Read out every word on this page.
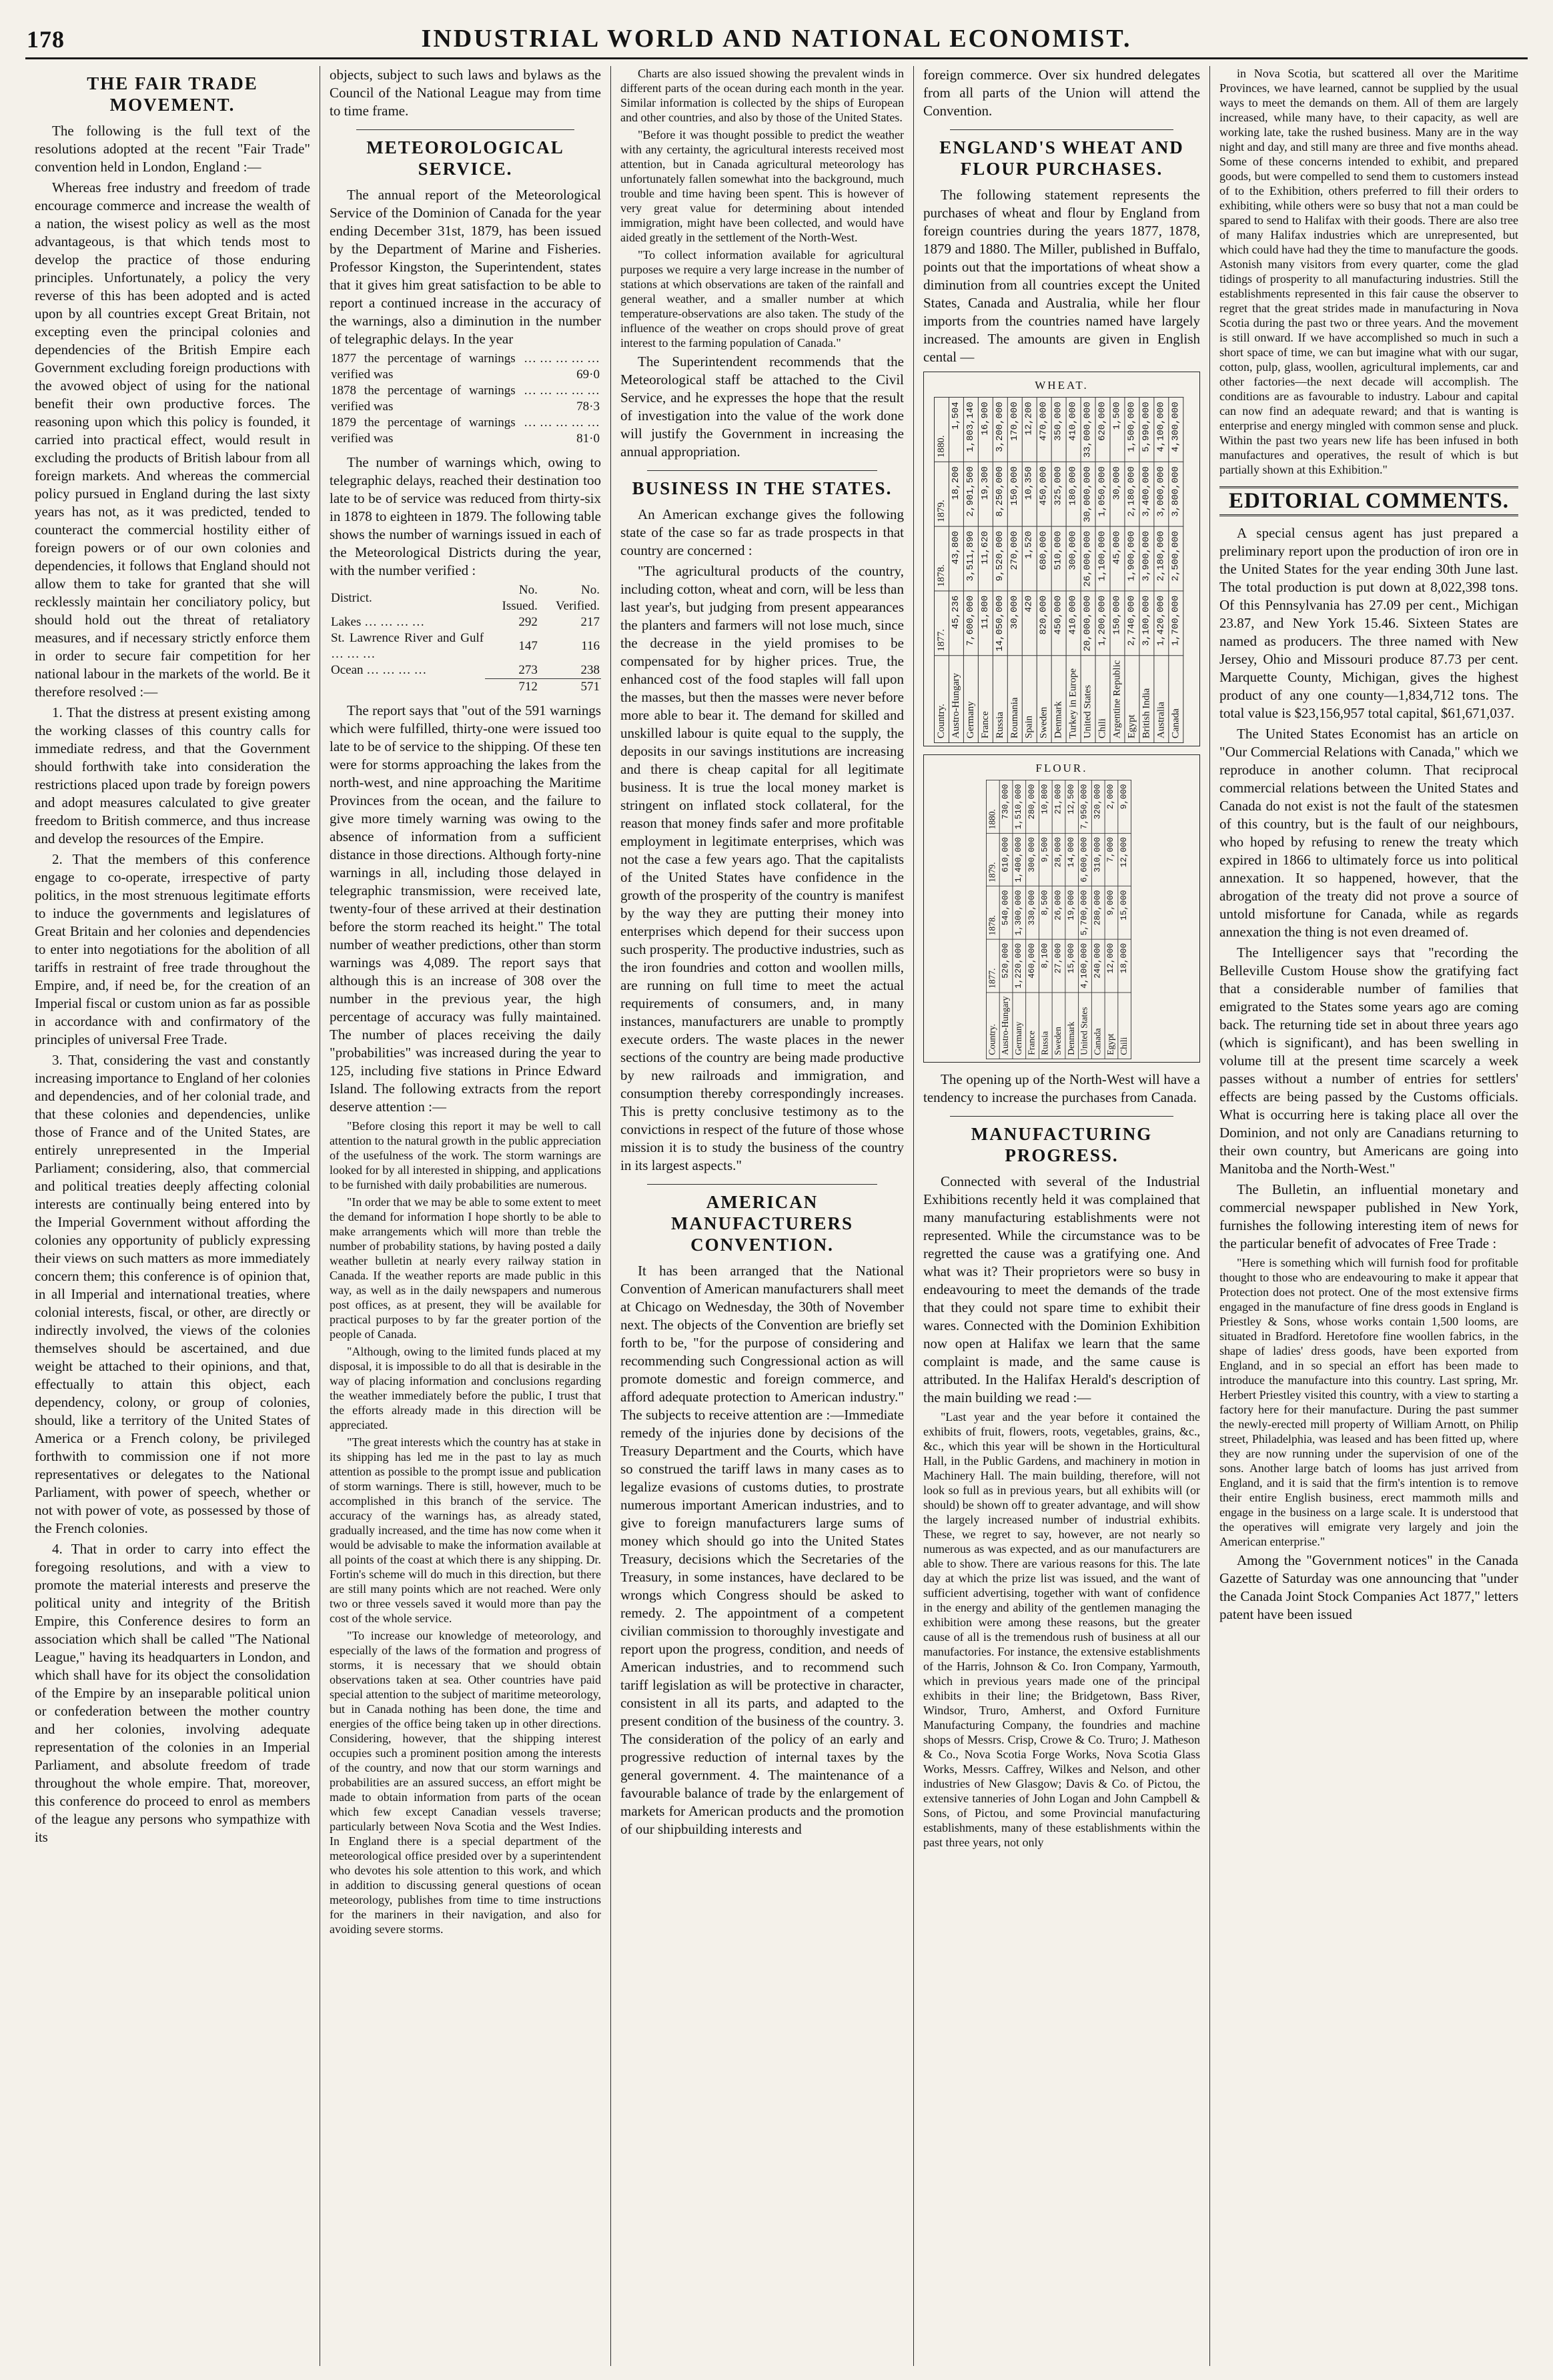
178	INDUSTRIAL WORLD AND NATIONAL ECONOMIST.
THE FAIR TRADE MOVEMENT.

The following is the full text of the resolutions adopted at the recent "Fair Trade" convention held in London, England :—

Whereas free industry and freedom of trade encourage commerce and increase the wealth of a nation, the wisest policy as well as the most advantageous, is that which tends most to develop the practice of those enduring principles. Unfortunately, a policy the very reverse of this has been adopted and is acted upon by all countries except Great Britain, not excepting even the principal colonies and dependencies of the British Empire each Government excluding foreign productions with the avowed object of using for the national benefit their own productive forces. The reasoning upon which this policy is founded, it carried into practical effect, would result in excluding the products of British labour from all foreign markets. And whereas the commercial policy pursued in England during the last sixty years has not, as it was predicted, tended to counteract the commercial hostility either of foreign powers or of our own colonies and dependencies, it follows that England should not allow them to take for granted that she will recklessly maintain her conciliatory policy, but should hold out the threat of retaliatory measures, and if necessary strictly enforce them in order to secure fair competition for her national labour in the markets of the world. Be it therefore resolved :—

1. That the distress at present existing among the working classes of this country calls for immediate redress, and that the Government should forthwith take into consideration the restrictions placed upon trade by foreign powers and adopt measures calculated to give greater freedom to British commerce, and thus increase and develop the resources of the Empire.

2. That the members of this conference engage to co-operate, irrespective of party politics, in the most strenuous legitimate efforts to induce the governments and legislatures of Great Britain and her colonies and dependencies to enter into negotiations for the abolition of all tariffs in restraint of free trade throughout the Empire, and, if need be, for the creation of an Imperial fiscal or custom union as far as possible in accordance with and confirmatory of the principles of universal Free Trade.

3. That, considering the vast and constantly increasing importance to England of her colonies and dependencies, and of her colonial trade, and that these colonies and dependencies, unlike those of France and of the United States, are entirely unrepresented in the Imperial Parliament; considering, also, that commercial and political treaties deeply affecting colonial interests are continually being entered into by the Imperial Government without affording the colonies any opportunity of publicly expressing their views on such matters as more immediately concern them; this conference is of opinion that, in all Imperial and international treaties, where colonial interests, fiscal, or other, are directly or indirectly involved, the views of the colonies themselves should be ascertained, and due weight be attached to their opinions, and that, effectually to attain this object, each dependency, colony, or group of colonies, should, like a territory of the United States of America or a French colony, be privileged forthwith to commission one if not more representatives or delegates to the National Parliament, with power of speech, whether or not with power of vote, as possessed by those of the French colonies.

4. That in order to carry into effect the foregoing resolutions, and with a view to promote the material interests and preserve the political unity and integrity of the British Empire, this Conference desires to form an association which shall be called "The National League," having its headquarters in London, and which shall have for its object the consolidation of the Empire by an inseparable political union or confederation between the mother country and her colonies, involving adequate representation of the colonies in an Imperial Parliament, and absolute freedom of trade throughout the whole empire. That, moreover, this conference do proceed to enrol as members of the league any persons who sympathize with its

objects, subject to such laws and bylaws as the Council of the National League may from time to time frame.

METEOROLOGICAL SERVICE.

The annual report of the Meteorological Service of the Dominion of Canada for the year ending December 31st, 1879, has been issued by the Department of Marine and Fisheries. Professor Kingston, the Superintendent, states that it gives him great satisfaction to be able to report a continued increase in the accuracy of the warnings, also a diminution in the number of telegraphic delays. In the year

1877 the percentage of warnings verified was	… … … … … 69·0
1878 the percentage of warnings verified was	… … … … … 78·3
1879 the percentage of warnings verified was	… … … … … 81·0

The number of warnings which, owing to telegraphic delays, reached their destination too late to be of service was reduced from thirty-six in 1878 to eighteen in 1879. The following table shows the number of warnings issued in each of the Meteorological Districts during the year, with the number verified :

District.	No. Issued.	No. Verified.
Lakes … … … …	292	217
St. Lawrence River and Gulf … … …	147	116
Ocean … … … …	273	238
	712	571

The report says that "out of the 591 warnings which were fulfilled, thirty-one were issued too late to be of service to the shipping. Of these ten were for storms approaching the lakes from the north-west, and nine approaching the Maritime Provinces from the ocean, and the failure to give more timely warning was owing to the absence of information from a sufficient distance in those directions. Although forty-nine warnings in all, including those delayed in telegraphic transmission, were received late, twenty-four of these arrived at their destination before the storm reached its height." The total number of weather predictions, other than storm warnings was 4,089. The report says that although this is an increase of 308 over the number in the previous year, the high percentage of accuracy was fully maintained. The number of places receiving the daily "probabilities" was increased during the year to 125, including five stations in Prince Edward Island. The following extracts from the report deserve attention :—

"Before closing this report it may be well to call attention to the natural growth in the public appreciation of the usefulness of the work. The storm warnings are looked for by all interested in shipping, and applications to be furnished with daily probabilities are numerous.

"In order that we may be able to some extent to meet the demand for information I hope shortly to be able to make arrangements which will more than treble the number of probability stations, by having posted a daily weather bulletin at nearly every railway station in Canada. If the weather reports are made public in this way, as well as in the daily newspapers and numerous post offices, as at present, they will be available for practical purposes to by far the greater portion of the people of Canada.

"Although, owing to the limited funds placed at my disposal, it is impossible to do all that is desirable in the way of placing information and conclusions regarding the weather immediately before the public, I trust that the efforts already made in this direction will be appreciated.

"The great interests which the country has at stake in its shipping has led me in the past to lay as much attention as possible to the prompt issue and publication of storm warnings. There is still, however, much to be accomplished in this branch of the service. The accuracy of the warnings has, as already stated, gradually increased, and the time has now come when it would be advisable to make the information available at all points of the coast at which there is any shipping. Dr. Fortin's scheme will do much in this direction, but there are still many points which are not reached. Were only two or three vessels saved it would more than pay the cost of the whole service.

"To increase our knowledge of meteorology, and especially of the laws of the formation and progress of storms, it is necessary that we should obtain observations taken at sea. Other countries have paid special attention to the subject of maritime meteorology, but in Canada nothing has been done, the time and energies of the office being taken up in other directions. Considering, however, that the shipping interest occupies such a prominent position among the interests of the country, and now that our storm warnings and probabilities are an assured success, an effort might be made to obtain information from parts of the ocean which few except Canadian vessels traverse; particularly between Nova Scotia and the West Indies. In England there is a special department of the meteorological office presided over by a superintendent who devotes his sole attention to this work, and which in addition to discussing general questions of ocean meteorology, publishes from time to time instructions for the mariners in their navigation, and also for avoiding severe storms.

Charts are also issued showing the prevalent winds in different parts of the ocean during each month in the year. Similar information is collected by the ships of European and other countries, and also by those of the United States.

"Before it was thought possible to predict the weather with any certainty, the agricultural interests received most attention, but in Canada agricultural meteorology has unfortunately fallen somewhat into the background, much trouble and time having been spent. This is however of very great value for determining about intended immigration, might have been collected, and would have aided greatly in the settlement of the North-West.

"To collect information available for agricultural purposes we require a very large increase in the number of stations at which observations are taken of the rainfall and general weather, and a smaller number at which temperature-observations are also taken. The study of the influence of the weather on crops should prove of great interest to the farming population of Canada."

The Superintendent recommends that the Meteorological staff be attached to the Civil Service, and he expresses the hope that the result of investigation into the value of the work done will justify the Government in increasing the annual appropriation.

BUSINESS IN THE STATES.

An American exchange gives the following state of the case so far as trade prospects in that country are concerned :

"The agricultural products of the country, including cotton, wheat and corn, will be less than last year's, but judging from present appearances the planters and farmers will not lose much, since the decrease in the yield promises to be compensated for by higher prices. True, the enhanced cost of the food staples will fall upon the masses, but then the masses were never before more able to bear it. The demand for skilled and unskilled labour is quite equal to the supply, the deposits in our savings institutions are increasing and there is cheap capital for all legitimate business. It is true the local money market is stringent on inflated stock collateral, for the reason that money finds safer and more profitable employment in legitimate enterprises, which was not the case a few years ago. That the capitalists of the United States have confidence in the growth of the prosperity of the country is manifest by the way they are putting their money into enterprises which depend for their success upon such prosperity. The productive industries, such as the iron foundries and cotton and woollen mills, are running on full time to meet the actual requirements of consumers, and, in many instances, manufacturers are unable to promptly execute orders. The waste places in the newer sections of the country are being made productive by new railroads and immigration, and consumption thereby correspondingly increases. This is pretty conclusive testimony as to the convictions in respect of the future of those whose mission it is to study the business of the country in its largest aspects."

AMERICAN MANUFACTURERS CONVENTION.

It has been arranged that the National Convention of American manufacturers shall meet at Chicago on Wednesday, the 30th of November next. The objects of the Convention are briefly set forth to be, "for the purpose of considering and recommending such Congressional action as will promote domestic and foreign commerce, and afford adequate protection to American industry." The subjects to receive attention are :—Immediate remedy of the injuries done by decisions of the Treasury Department and the Courts, which have so construed the tariff laws in many cases as to legalize evasions of customs duties, to prostrate numerous important American industries, and to give to foreign manufacturers large sums of money which should go into the United States Treasury, decisions which the Secretaries of the Treasury, in some instances, have declared to be wrongs which Congress should be asked to remedy. 2. The appointment of a competent civilian commission to thoroughly investigate and report upon the progress, condition, and needs of American industries, and to recommend such tariff legislation as will be protective in character, consistent in all its parts, and adapted to the present condition of the business of the country. 3. The consideration of the policy of an early and progressive reduction of internal taxes by the general government. 4. The maintenance of a favourable balance of trade by the enlargement of markets for American products and the promotion of our shipbuilding interests and

foreign commerce. Over six hundred delegates from all parts of the Union will attend the Convention.

ENGLAND'S WHEAT AND FLOUR PURCHASES.

The following statement represents the purchases of wheat and flour by England from foreign countries during the years 1877, 1878, 1879 and 1880. The Miller, published in Buffalo, points out that the importations of wheat show a diminution from all countries except the United States, Canada and Australia, while her flour imports from the countries named have largely increased. The amounts are given in English cental —

WHEAT.
Country.	1877.	1878.	1879.	1880.
Austro-Hungary	45,236	43,800	18,200	1,504
Germany	7,600,000	3,511,890	2,901,500	1,803,140
France	11,800	11,620	19,300	16,900
Russia	14,050,000	9,520,000	8,250,000	3,200,000
Roumania	30,000	270,000	150,000	170,000
Spain	420	1,520	10,350	12,200
Sweden	820,000	680,000	450,000	470,000
Denmark	450,000	510,000	325,000	350,000
Turkey in Europe	410,000	300,000	180,000	410,000
United States	20,000,000	26,000,000	30,000,000	33,000,000
Chili	1,200,000	1,100,000	1,050,000	620,000
Argentine Republic	150,000	45,000	30,000	1,500
Egypt	2,740,000	1,900,000	2,180,000	1,500,000
British India	3,100,000	3,900,000	3,400,000	5,990,000
Australia	1,420,000	2,180,000	3,000,000	4,100,000
Canada	1,700,000	2,500,000	3,800,000	4,300,000
FLOUR.
Country.	1877.	1878.	1879.	1880.
Austro-Hungary	520,000	540,000	610,000	730,000
Germany	1,220,000	1,300,000	1,400,000	1,510,000
France	460,000	330,000	300,000	280,000
Russia	8,100	8,500	9,500	10,800
Sweden	27,000	26,000	28,000	21,000
Denmark	15,000	19,000	14,000	12,500
United States	4,100,000	5,700,000	6,600,000	7,950,000
Canada	240,000	280,000	310,000	320,000
Egypt	12,000	9,000	7,000	2,000
Chili	18,000	15,000	12,000	9,000

The opening up of the North-West will have a tendency to increase the purchases from Canada.

MANUFACTURING PROGRESS.

Connected with several of the Industrial Exhibitions recently held it was complained that many manufacturing establishments were not represented. While the circumstance was to be regretted the cause was a gratifying one. And what was it? Their proprietors were so busy in endeavouring to meet the demands of the trade that they could not spare time to exhibit their wares. Connected with the Dominion Exhibition now open at Halifax we learn that the same complaint is made, and the same cause is attributed. In the Halifax Herald's description of the main building we read :—

"Last year and the year before it contained the exhibits of fruit, flowers, roots, vegetables, grains, &c., &c., which this year will be shown in the Horticultural Hall, in the Public Gardens, and machinery in motion in Machinery Hall. The main building, therefore, will not look so full as in previous years, but all exhibits will (or should) be shown off to greater advantage, and will show the largely increased number of industrial exhibits. These, we regret to say, however, are not nearly so numerous as was expected, and as our manufacturers are able to show. There are various reasons for this. The late day at which the prize list was issued, and the want of sufficient advertising, together with want of confidence in the energy and ability of the gentlemen managing the exhibition were among these reasons, but the greater cause of all is the tremendous rush of business at all our manufactories. For instance, the extensive establishments of the Harris, Johnson & Co. Iron Company, Yarmouth, which in previous years made one of the principal exhibits in their line; the Bridgetown, Bass River, Windsor, Truro, Amherst, and Oxford Furniture Manufacturing Company, the foundries and machine shops of Messrs. Crisp, Crowe & Co. Truro; J. Matheson & Co., Nova Scotia Forge Works, Nova Scotia Glass Works, Messrs. Caffrey, Wilkes and Nelson, and other industries of New Glasgow; Davis & Co. of Pictou, the extensive tanneries of John Logan and John Campbell & Sons, of Pictou, and some Provincial manufacturing establishments, many of these establishments within the past three years, not only

in Nova Scotia, but scattered all over the Maritime Provinces, we have learned, cannot be supplied by the usual ways to meet the demands on them. All of them are largely increased, while many have, to their capacity, as well are working late, take the rushed business. Many are in the way night and day, and still many are three and five months ahead. Some of these concerns intended to exhibit, and prepared goods, but were compelled to send them to customers instead of to the Exhibition, others preferred to fill their orders to exhibiting, while others were so busy that not a man could be spared to send to Halifax with their goods. There are also tree of many Halifax industries which are unrepresented, but which could have had they the time to manufacture the goods. Astonish many visitors from every quarter, come the glad tidings of prosperity to all manufacturing industries. Still the establishments represented in this fair cause the observer to regret that the great strides made in manufacturing in Nova Scotia during the past two or three years. And the movement is still onward. If we have accomplished so much in such a short space of time, we can but imagine what with our sugar, cotton, pulp, glass, woollen, agricultural implements, car and other factories—the next decade will accomplish. The conditions are as favourable to industry. Labour and capital can now find an adequate reward; and that is wanting is enterprise and energy mingled with common sense and pluck. Within the past two years new life has been infused in both manufactures and operatives, the result of which is but partially shown at this Exhibition."

EDITORIAL COMMENTS.

A special census agent has just prepared a preliminary report upon the production of iron ore in the United States for the year ending 30th June last. The total production is put down at 8,022,398 tons. Of this Pennsylvania has 27.09 per cent., Michigan 23.87, and New York 15.46. Sixteen States are named as producers. The three named with New Jersey, Ohio and Missouri produce 87.73 per cent. Marquette County, Michigan, gives the highest product of any one county—1,834,712 tons. The total value is $23,156,957 total capital, $61,671,037.

The United States Economist has an article on "Our Commercial Relations with Canada," which we reproduce in another column. That reciprocal commercial relations between the United States and Canada do not exist is not the fault of the statesmen of this country, but is the fault of our neighbours, who hoped by refusing to renew the treaty which expired in 1866 to ultimately force us into political annexation. It so happened, however, that the abrogation of the treaty did not prove a source of untold misfortune for Canada, while as regards annexation the thing is not even dreamed of.

The Intelligencer says that "recording the Belleville Custom House show the gratifying fact that a considerable number of families that emigrated to the States some years ago are coming back. The returning tide set in about three years ago (which is significant), and has been swelling in volume till at the present time scarcely a week passes without a number of entries for settlers' effects are being passed by the Customs officials. What is occurring here is taking place all over the Dominion, and not only are Canadians returning to their own country, but Americans are going into Manitoba and the North-West."

The Bulletin, an influential monetary and commercial newspaper published in New York, furnishes the following interesting item of news for the particular benefit of advocates of Free Trade :

"Here is something which will furnish food for profitable thought to those who are endeavouring to make it appear that Protection does not protect. One of the most extensive firms engaged in the manufacture of fine dress goods in England is Priestley & Sons, whose works contain 1,500 looms, are situated in Bradford. Heretofore fine woollen fabrics, in the shape of ladies' dress goods, have been exported from England, and in so special an effort has been made to introduce the manufacture into this country. Last spring, Mr. Herbert Priestley visited this country, with a view to starting a factory here for their manufacture. During the past summer the newly-erected mill property of William Arnott, on Philip street, Philadelphia, was leased and has been fitted up, where they are now running under the supervision of one of the sons. Another large batch of looms has just arrived from England, and it is said that the firm's intention is to remove their entire English business, erect mammoth mills and engage in the business on a large scale. It is understood that the operatives will emigrate very largely and join the American enterprise."

Among the "Government notices" in the Canada Gazette of Saturday was one announcing that "under the Canada Joint Stock Companies Act 1877," letters patent have been issued
